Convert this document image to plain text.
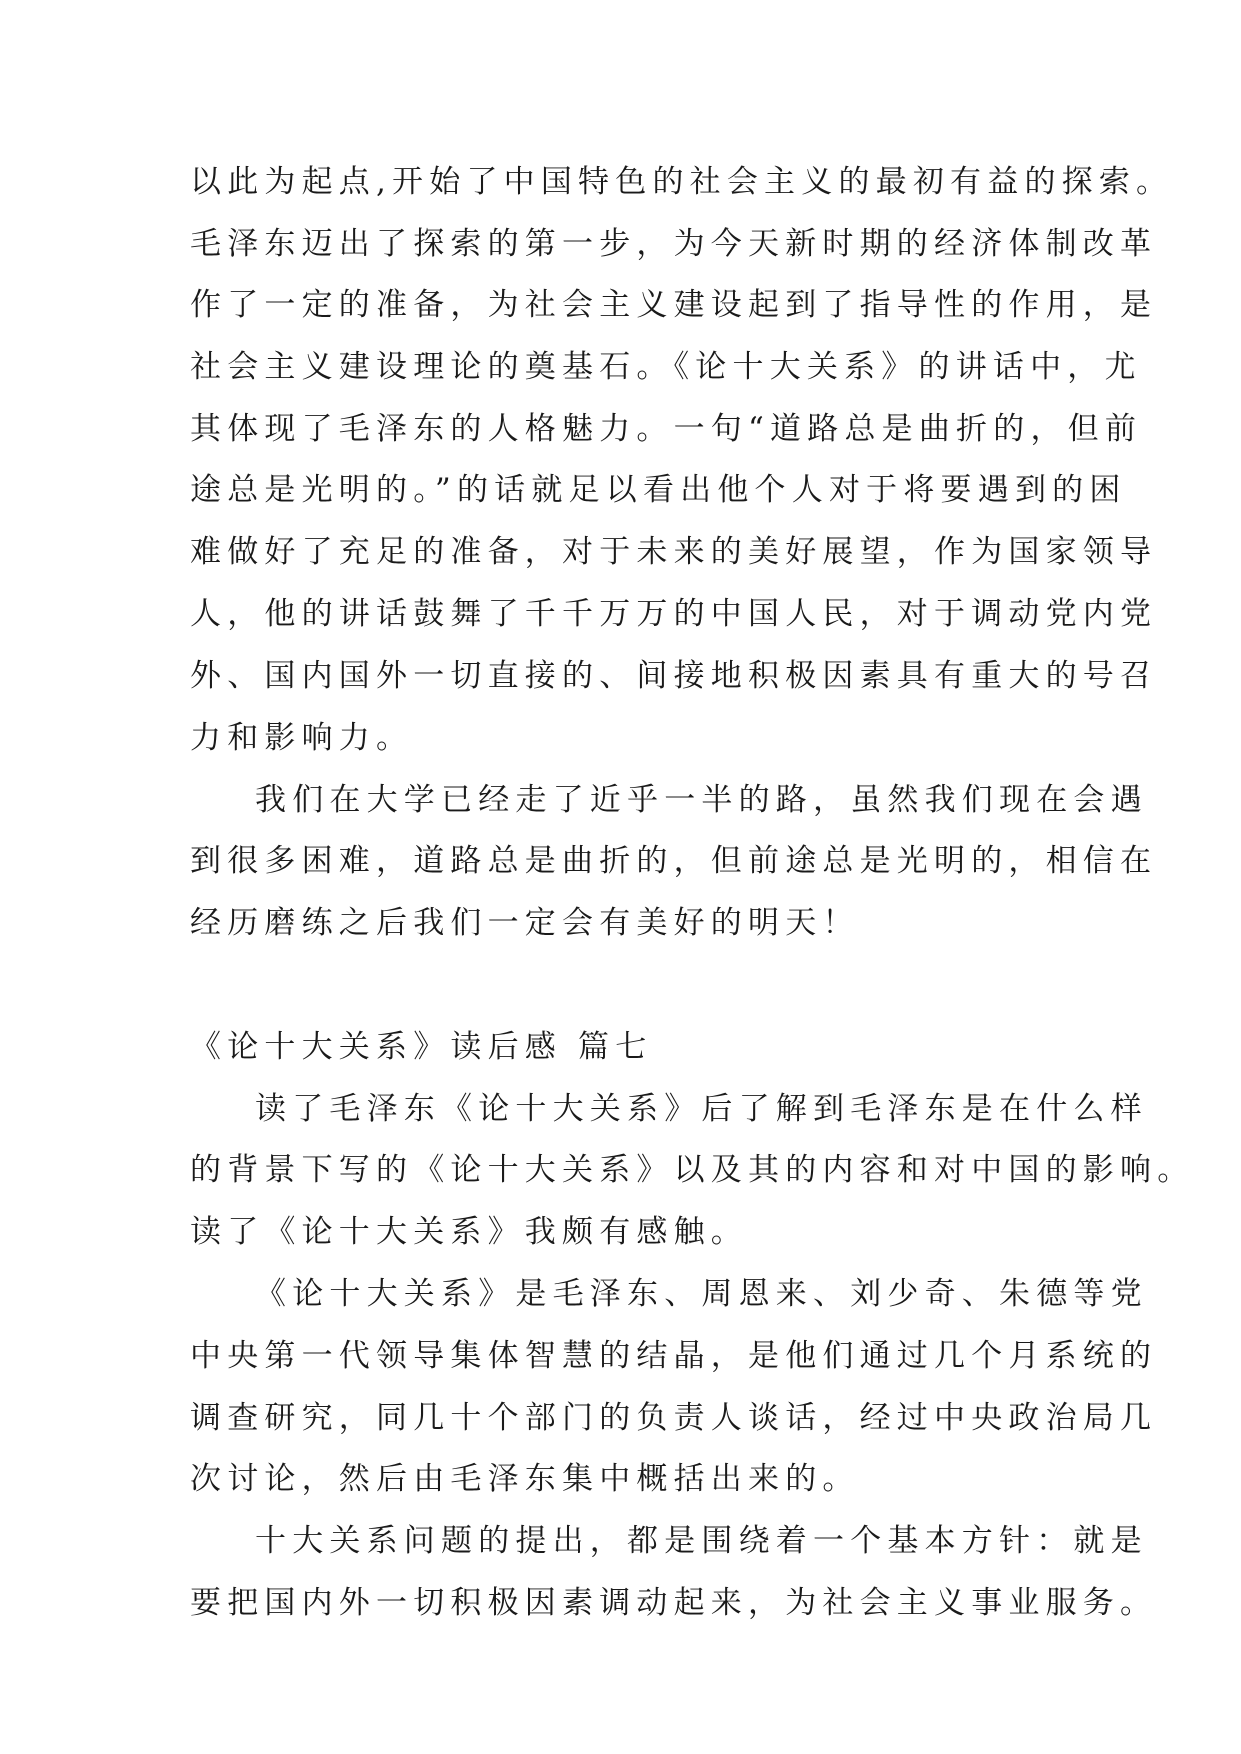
以此为起点,开始了中国特色的社会主义的最初有益的探索。
毛泽东迈出了探索的第一步，为今天新时期的经济体制改革
作了一定的准备，为社会主义建设起到了指导性的作用，是
社会主义建设理论的奠基石。《论十大关系》的讲话中，尤
其体现了毛泽东的人格魅力。一句“道路总是曲折的，但前
途总是光明的。”的话就足以看出他个人对于将要遇到的困
难做好了充足的准备，对于未来的美好展望，作为国家领导
人，他的讲话鼓舞了千千万万的中国人民，对于调动党内党
外、国内国外一切直接的、间接地积极因素具有重大的号召
力和影响力。
我们在大学已经走了近乎一半的路，虽然我们现在会遇
到很多困难，道路总是曲折的，但前途总是光明的，相信在
经历磨练之后我们一定会有美好的明天！
《论十大关系》读后感 篇七
读了毛泽东《论十大关系》后了解到毛泽东是在什么样
的背景下写的《论十大关系》以及其的内容和对中国的影响。
读了《论十大关系》我颇有感触。
《论十大关系》是毛泽东、周恩来、刘少奇、朱德等党
中央第一代领导集体智慧的结晶，是他们通过几个月系统的
调查研究，同几十个部门的负责人谈话，经过中央政治局几
次讨论，然后由毛泽东集中概括出来的。
十大关系问题的提出，都是围绕着一个基本方针：就是
要把国内外一切积极因素调动起来，为社会主义事业服务。
